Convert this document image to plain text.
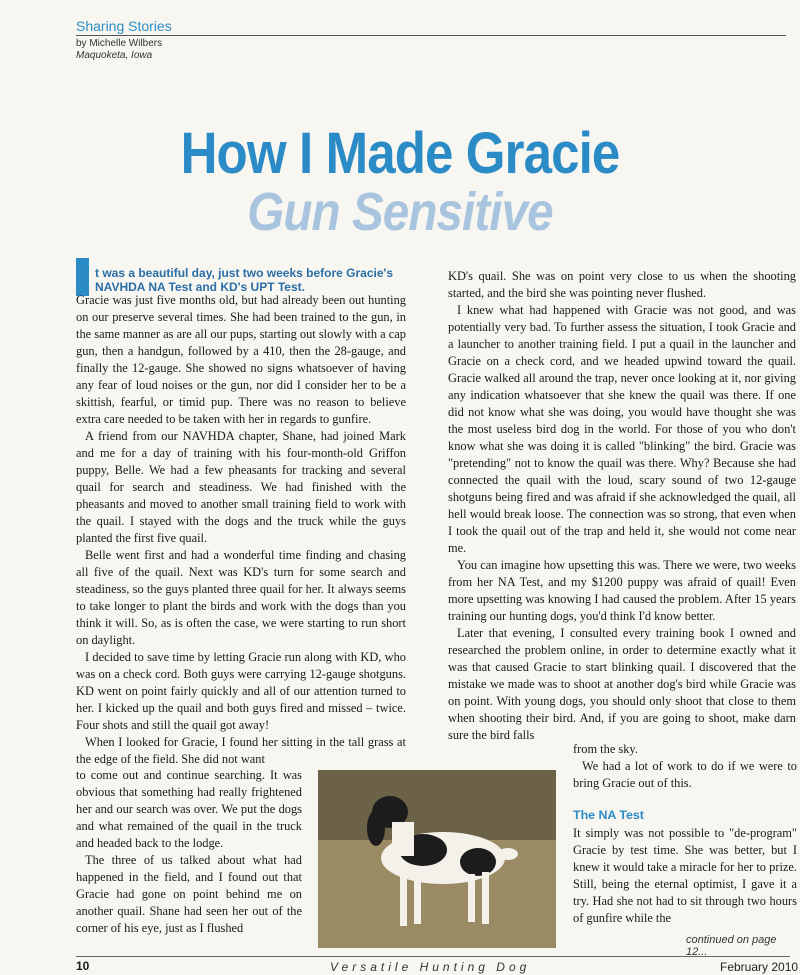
Sharing Stories
by Michelle Wilbers
Maquoketa, Iowa
How I Made Gracie
Gun Sensitive
t was a beautiful day, just two weeks before Gracie's NAVHDA NA Test and KD's UPT Test.

Gracie was just five months old, but had already been out hunting on our preserve several times. She had been trained to the gun, in the same manner as are all our pups, starting out slowly with a cap gun, then a handgun, followed by a 410, then the 28-gauge, and finally the 12-gauge. She showed no signs whatsoever of having any fear of loud noises or the gun, nor did I consider her to be a skittish, fearful, or timid pup. There was no reason to believe extra care needed to be taken with her in regards to gunfire.

A friend from our NAVHDA chapter, Shane, had joined Mark and me for a day of training with his four-month-old Griffon puppy, Belle. We had a few pheasants for tracking and several quail for search and steadiness. We had finished with the pheasants and moved to another small training field to work with the quail. I stayed with the dogs and the truck while the guys planted the first five quail.

Belle went first and had a wonderful time finding and chasing all five of the quail. Next was KD's turn for some search and steadiness, so the guys planted three quail for her. It always seems to take longer to plant the birds and work with the dogs than you think it will. So, as is often the case, we were starting to run short on daylight.

I decided to save time by letting Gracie run along with KD, who was on a check cord. Both guys were carrying 12-gauge shotguns. KD went on point fairly quickly and all of our attention turned to her. I kicked up the quail and both guys fired and missed – twice. Four shots and still the quail got away!

When I looked for Gracie, I found her sitting in the tall grass at the edge of the field. She did not want

to come out and continue searching. It was obvious that something had really frightened her and our search was over. We put the dogs and what remained of the quail in the truck and headed back to the lodge.

The three of us talked about what had happened in the field, and I found out that Gracie had gone on point behind me on another quail. Shane had seen her out of the corner of his eye, just as I flushed

KD's quail. She was on point very close to us when the shooting started, and the bird she was pointing never flushed.

I knew what had happened with Gracie was not good, and was potentially very bad. To further assess the situation, I took Gracie and a launcher to another training field. I put a quail in the launcher and Gracie on a check cord, and we headed upwind toward the quail. Gracie walked all around the trap, never once looking at it, nor giving any indication whatsoever that she knew the quail was there. If one did not know what she was doing, you would have thought she was the most useless bird dog in the world. For those of you who don't know what she was doing it is called "blinking" the bird. Gracie was "pretending" not to know the quail was there. Why? Because she had connected the quail with the loud, scary sound of two 12-gauge shotguns being fired and was afraid if she acknowledged the quail, all hell would break loose. The connection was so strong, that even when I took the quail out of the trap and held it, she would not come near me.

You can imagine how upsetting this was. There we were, two weeks from her NA Test, and my $1200 puppy was afraid of quail! Even more upsetting was knowing I had caused the problem. After 15 years training our hunting dogs, you'd think I'd know better.

Later that evening, I consulted every training book I owned and researched the problem online, in order to determine exactly what it was that caused Gracie to start blinking quail. I discovered that the mistake we made was to shoot at another dog's bird while Gracie was on point. With young dogs, you should only shoot that close to them when shooting their bird. And, if you are going to shoot, make darn sure the bird falls

from the sky.

We had a lot of work to do if we were to bring Gracie out of this.

The NA Test

It simply was not possible to "de-program" Gracie by test time. She was better, but I knew it would take a miracle for her to prize. Still, being the eternal optimist, I gave it a try. Had she not had to sit through two hours of gunfire while the

continued on page 12...
10	Versatile Hunting Dog	February 2010
